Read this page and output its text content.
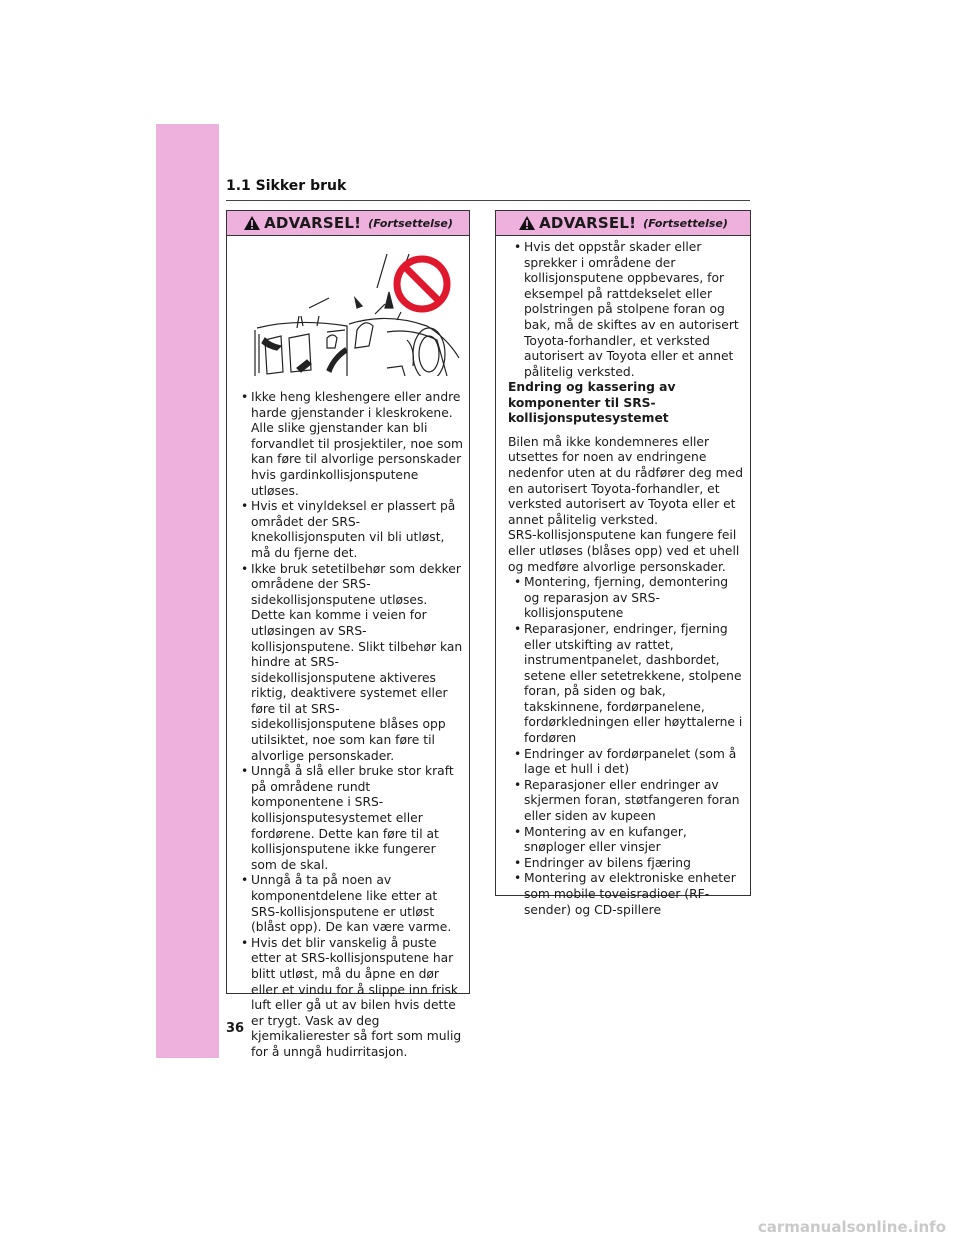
1.1 Sikker bruk
ADVARSEL! (Fortsettelse)
• Ikke heng kleshengere eller andre harde gjenstander i kleskrokene. Alle slike gjenstander kan bli forvandlet til prosjektiler, noe som kan føre til alvorlige personskader hvis gardinkollisjonsputene utløses.
• Hvis et vinyldeksel er plassert på området der SRS-knekollisjonsputen vil bli utløst, må du fjerne det.
• Ikke bruk setetilbehør som dekker områdene der SRS-sidekollisjonsputene utløses. Dette kan komme i veien for utløsingen av SRS-kollisjonsputene. Slikt tilbehør kan hindre at SRS-sidekollisjonsputene aktiveres riktig, deaktivere systemet eller føre til at SRS-sidekollisjonsputene blåses opp utilsiktet, noe som kan føre til alvorlige personskader.
• Unngå å slå eller bruke stor kraft på områdene rundt komponentene i SRS-kollisjonsputesystemet eller fordørene. Dette kan føre til at kollisjonsputene ikke fungerer som de skal.
• Unngå å ta på noen av komponentdelene like etter at SRS-kollisjonsputene er utløst (blåst opp). De kan være varme.
• Hvis det blir vanskelig å puste etter at SRS-kollisjonsputene har blitt utløst, må du åpne en dør eller et vindu for å slippe inn frisk luft eller gå ut av bilen hvis dette er trygt. Vask av deg kjemikalierester så fort som mulig for å unngå hudirritasjon.
ADVARSEL! (Fortsettelse)
• Hvis det oppstår skader eller sprekker i områdene der kollisjonsputene oppbevares, for eksempel på rattdekselet eller polstringen på stolpene foran og bak, må de skiftes av en autorisert Toyota-forhandler, et verksted autorisert av Toyota eller et annet pålitelig verksted.
Endring og kassering av komponenter til SRS-kollisjonsputesystemet

Bilen må ikke kondemneres eller utsettes for noen av endringene nedenfor uten at du rådfører deg med en autorisert Toyota-forhandler, et verksted autorisert av Toyota eller et annet pålitelig verksted.

SRS-kollisjonsputene kan fungere feil eller utløses (blåses opp) ved et uhell og medføre alvorlige personskader.

• Montering, fjerning, demontering og reparasjon av SRS-kollisjonsputene
• Reparasjoner, endringer, fjerning eller utskifting av rattet, instrumentpanelet, dashbordet, setene eller setetrekkene, stolpene foran, på siden og bak, takskinnene, fordørpanelene, fordørkledningen eller høyttalerne i fordøren
• Endringer av fordørpanelet (som å lage et hull i det)
• Reparasjoner eller endringer av skjermen foran, støtfangeren foran eller siden av kupeen
• Montering av en kufanger, snøploger eller vinsjer
• Endringer av bilens fjæring
• Montering av elektroniske enheter som mobile toveisradioer (RF-sender) og CD-spillere
36
carmanualsonline.info
